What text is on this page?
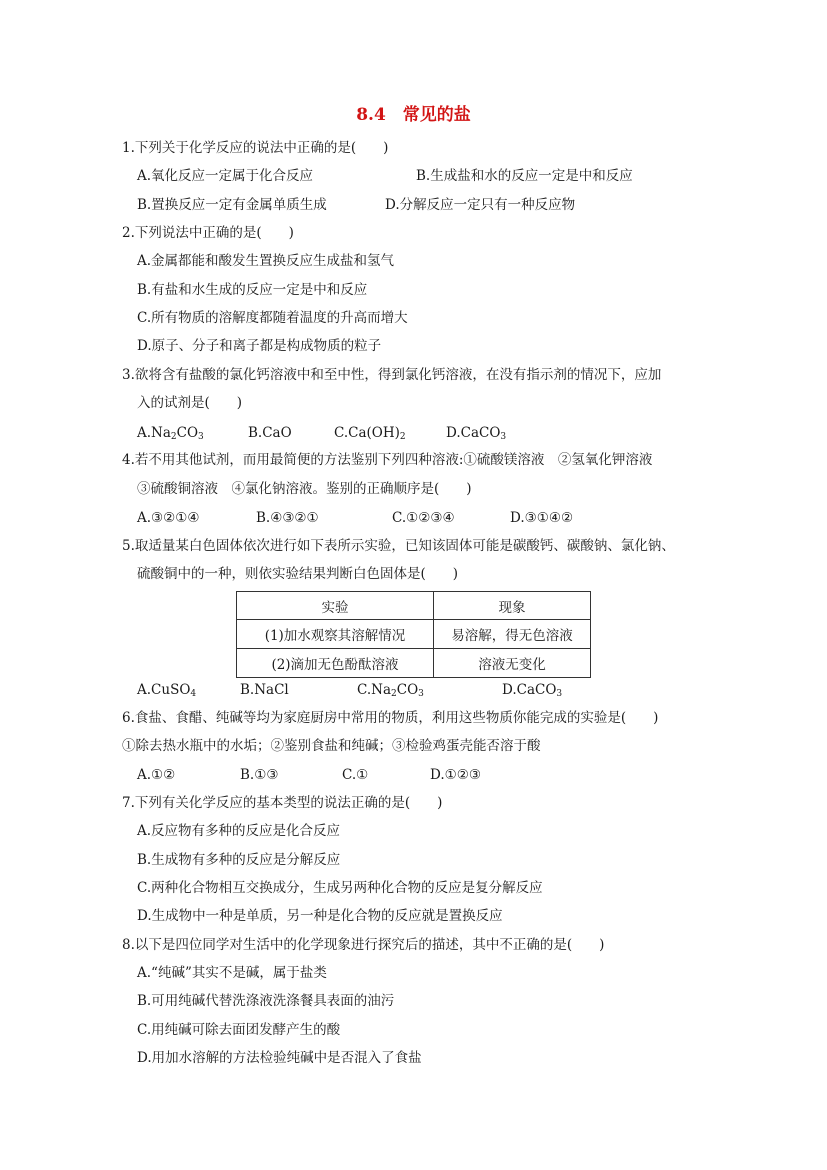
8.4　常见的盐
1.下列关于化学反应的说法中正确的是(　　)
A.氧化反应一定属于化合反应	B.生成盐和水的反应一定是中和反应
B.置换反应一定有金属单质生成	D.分解反应一定只有一种反应物
2.下列说法中正确的是(　　)
A.金属都能和酸发生置换反应生成盐和氢气
B.有盐和水生成的反应一定是中和反应
C.所有物质的溶解度都随着温度的升高而增大
D.原子、分子和离子都是构成物质的粒子
3.欲将含有盐酸的氯化钙溶液中和至中性，得到氯化钙溶液，在没有指示剂的情况下，应加
入的试剂是(　　)
$A.Na_2CO_3$	B.CaO	$C.Ca(OH)_2$	D.CaCO$_3$
4.若不用其他试剂，而用最简便的方法鉴别下列四种溶液:①硫酸镁溶液　②氢氧化钾溶液
③硫酸铜溶液　④氯化钠溶液。鉴别的正确顺序是(　　)
A.③②①④	B.④③②①	C.①②③④	D.③①④②
5.取适量某白色固体依次进行如下表所示实验，已知该固体可能是碳酸钙、碳酸钠、氯化钠、
硫酸铜中的一种，则依实验结果判断白色固体是(　　)
实验	现象
(1)加水观察其溶解情况	易溶解，得无色溶液
(2)滴加无色酚酞溶液	溶液无变化
A.CuSO$_4$	B.NaCl	$C.Na_2CO_3$	D.CaCO$_3$
6.食盐、食醋、纯碱等均为家庭厨房中常用的物质，利用这些物质你能完成的实验是(　　)
①除去热水瓶中的水垢；②鉴别食盐和纯碱；③检验鸡蛋壳能否溶于酸
A.①②	B.①③	C.①	D.①②③
7.下列有关化学反应的基本类型的说法正确的是(　　)
A.反应物有多种的反应是化合反应
B.生成物有多种的反应是分解反应
C.两种化合物相互交换成分，生成另两种化合物的反应是复分解反应
D.生成物中一种是单质，另一种是化合物的反应就是置换反应
8.以下是四位同学对生活中的化学现象进行探究后的描述，其中不正确的是(　　)
A.“纯碱”其实不是碱，属于盐类
B.可用纯碱代替洗涤液洗涤餐具表面的油污
C.用纯碱可除去面团发酵产生的酸
D.用加水溶解的方法检验纯碱中是否混入了食盐
